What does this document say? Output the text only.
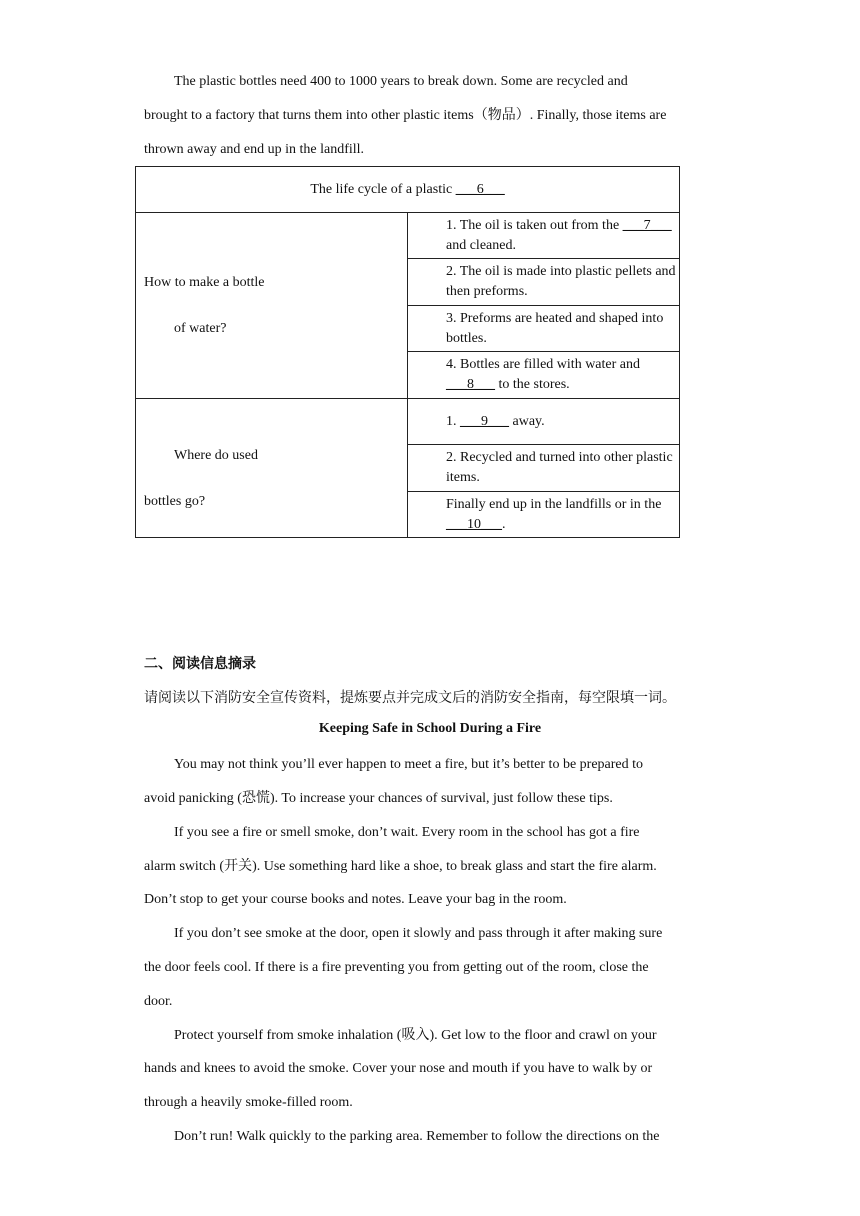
The plastic bottles need 400 to 1000 years to break down. Some are recycled and
brought to a factory that turns them into other plastic items（物品）. Finally, those items are
thrown away and end up in the landfill.
The life cycle of a plastic ___6___	

How to make a bottle
of water?	1. The oil is taken out from the ___7___ and cleaned.
	2. The oil is made into plastic pellets and then preforms.
	3. Preforms are heated and shaped into bottles.
	4. Bottles are filled with water and ___8___ to the stores.

Where do used
bottles go?	1. ___9___ away.
	2. Recycled and turned into other plastic items.
	Finally end up in the landfills or in the ___10___.
二、阅读信息摘录
请阅读以下消防安全宣传资料，提炼要点并完成文后的消防安全指南，每空限填一词。
Keeping Safe in School During a Fire
You may not think you’ll ever happen to meet a fire, but it’s better to be prepared to
avoid panicking (恐慌). To increase your chances of survival, just follow these tips.
If you see a fire or smell smoke, don’t wait. Every room in the school has got a fire
alarm switch (开关). Use something hard like a shoe, to break glass and start the fire alarm.
Don’t stop to get your course books and notes. Leave your bag in the room.
If you don’t see smoke at the door, open it slowly and pass through it after making sure
the door feels cool. If there is a fire preventing you from getting out of the room, close the
door.
Protect yourself from smoke inhalation (吸入). Get low to the floor and crawl on your
hands and knees to avoid the smoke. Cover your nose and mouth if you have to walk by or
through a heavily smoke-filled room.
Don’t run! Walk quickly to the parking area. Remember to follow the directions on the
